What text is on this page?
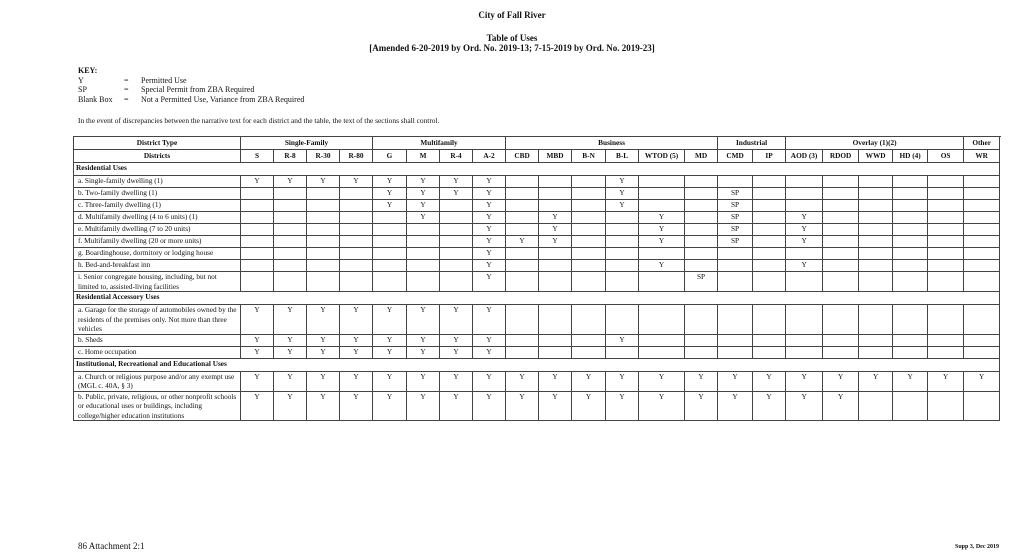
City of Fall River
Table of Uses
[Amended 6-20-2019 by Ord. No. 2019-13; 7-15-2019 by Ord. No. 2019-23]
KEY:
Y	=	Permitted Use
SP	=	Special Permit from ZBA Required
Blank Box	=	Not a Permitted Use, Variance from ZBA Required
In the event of discrepancies between the narrative text for each district and the table, the text of the sections shall control.
District Type	Single-Family				Multifamily				Business						Industrial		Overlay (1)(2)					Other
Districts	S	R-8	R-30	R-80	G	M	R-4	A-2	CBD	MBD	B-N	B-L	WTOD (5)	MD	CMD	IP	AOD (3)	RDOD	WWD	HD (4)	OS	WR
Residential Uses																						
a. Single-family dwelling (1)	Y	Y	Y	Y	Y	Y	Y	Y				Y										
b. Two-family dwelling (1)					Y	Y	Y	Y				Y			SP							
c. Three-family dwelling (1)					Y	Y		Y				Y			SP							
d. Multifamily dwelling (4 to 6 units) (1)						Y		Y		Y			Y		SP		Y					
e. Multifamily dwelling (7 to 20 units)								Y		Y			Y		SP		Y					
f. Multifamily dwelling (20 or more units)								Y	Y	Y			Y		SP		Y					
g. Boardinghouse, dormitory or lodging house								Y														
h. Bed-and-breakfast inn								Y					Y				Y					
i. Senior congregate housing, including, but not limited to, assisted-living facilities								Y						SP								
Residential Accessory Uses																						
a. Garage for the storage of automobiles owned by the residents of the premises only. Not more than three vehicles	Y	Y	Y	Y	Y	Y	Y	Y														
b. Sheds	Y	Y	Y	Y	Y	Y	Y	Y				Y										
c. Home occupation	Y	Y	Y	Y	Y	Y	Y	Y														
Institutional, Recreational and Educational Uses																						
a. Church or religious purpose and/or any exempt use (MGL c. 40A, § 3)	Y	Y	Y	Y	Y	Y	Y	Y	Y	Y	Y	Y	Y	Y	Y	Y	Y	Y	Y	Y	Y	Y
b. Public, private, religious, or other nonprofit schools or educational uses or buildings, including college/higher education institutions	Y	Y	Y	Y	Y	Y	Y	Y	Y	Y	Y	Y	Y	Y	Y	Y	Y	Y				
86 Attachment 2:1	Supp 3, Dec 2019
